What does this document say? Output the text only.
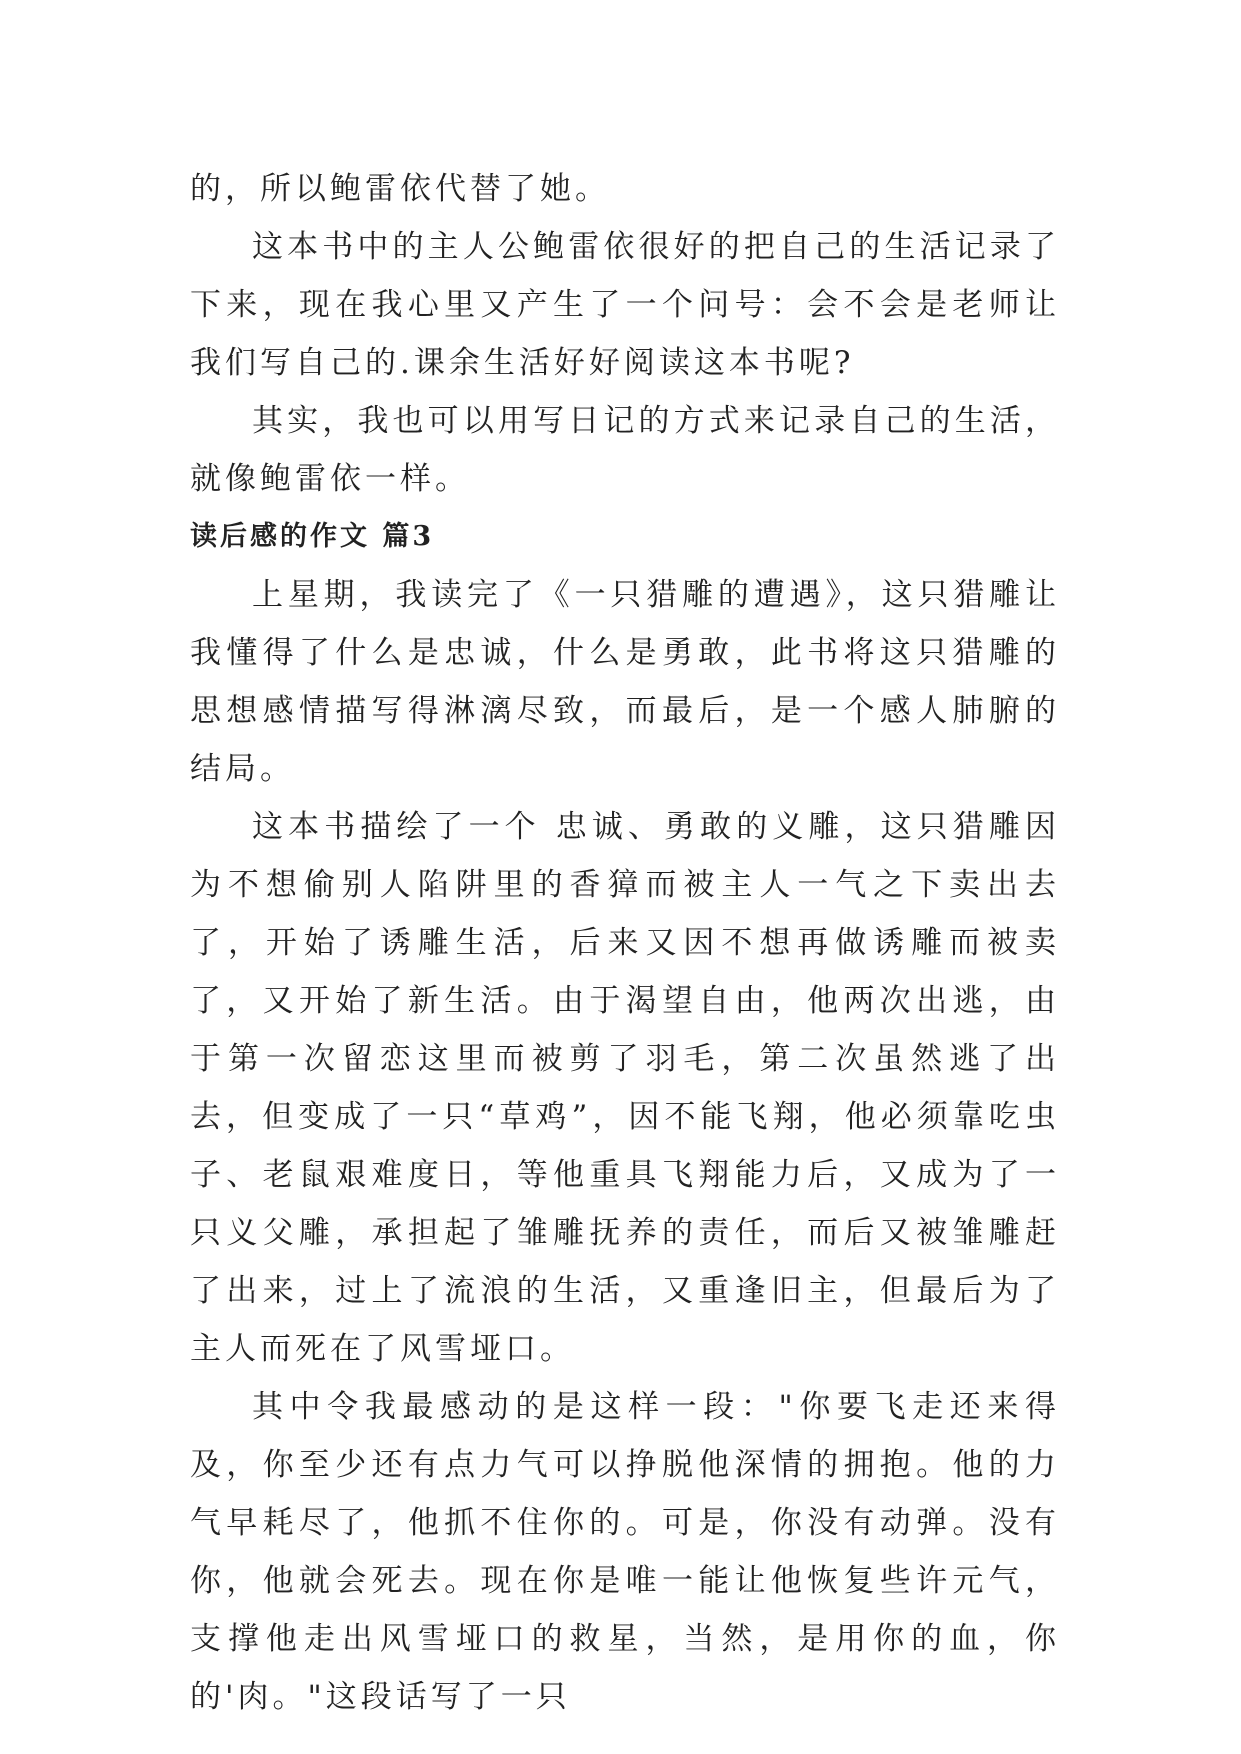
的，所以鲍雷依代替了她。

这本书中的主人公鲍雷依很好的把自己的生活记录了下来，现在我心里又产生了一个问号：会不会是老师让我们写自己的.课余生活好好阅读这本书呢?

其实，我也可以用写日记的方式来记录自己的生活，就像鲍雷依一样。

读后感的作文 篇3

上星期，我读完了《一只猎雕的遭遇》，这只猎雕让我懂得了什么是忠诚，什么是勇敢，此书将这只猎雕的思想感情描写得淋漓尽致，而最后，是一个感人肺腑的结局。

这本书描绘了一个 忠诚、勇敢的义雕，这只猎雕因为不想偷别人陷阱里的香獐而被主人一气之下卖出去了，开始了诱雕生活，后来又因不想再做诱雕而被卖了，又开始了新生活。由于渴望自由，他两次出逃，由于第一次留恋这里而被剪了羽毛，第二次虽然逃了出去，但变成了一只“草鸡”，因不能飞翔，他必须靠吃虫子、老鼠艰难度日，等他重具飞翔能力后，又成为了一只义父雕，承担起了雏雕抚养的责任，而后又被雏雕赶了出来，过上了流浪的生活，又重逢旧主，但最后为了主人而死在了风雪垭口。

其中令我最感动的是这样一段："你要飞走还来得及，你至少还有点力气可以挣脱他深情的拥抱。他的力气早耗尽了，他抓不住你的。可是，你没有动弹。没有你，他就会死去。现在你是唯一能让他恢复些许元气，支撑他走出风雪垭口的救星，当然，是用你的血，你的'肉。"这段话写了一只
